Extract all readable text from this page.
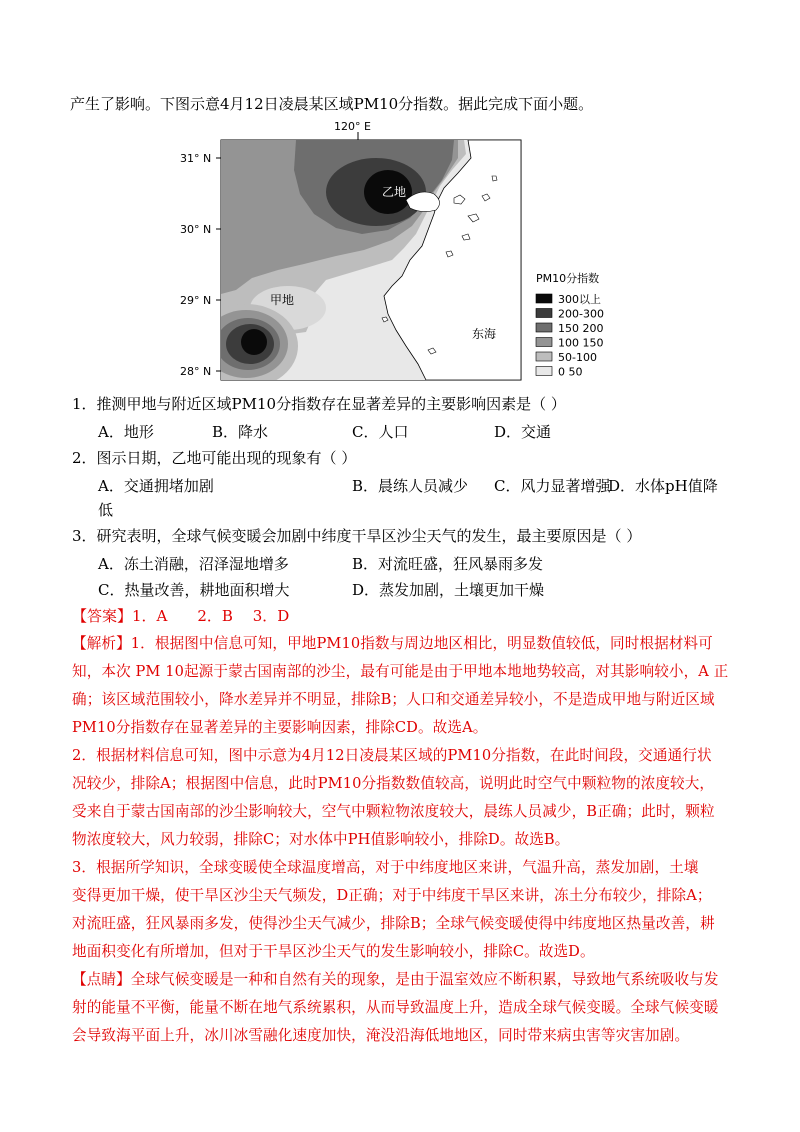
产生了影响。下图示意4月12日凌晨某区域PM10分指数。据此完成下面小题。
120° E
31° N
30° N
29° N
28° N
乙地
甲地
东海
PM10分指数
300以上
200-300
150 200
100 150
50-100
0 50
1．推测甲地与附近区域PM10分指数存在显著差异的主要影响因素是（ ）
A．地形	B．降水	C．人口	D．交通
2．图示日期，乙地可能出现的现象有（ ）
A．交通拥堵加剧	B．晨练人员减少 C．风力显著增强
D．水体pH值降
低
3．研究表明，全球气候变暖会加剧中纬度干旱区沙尘天气的发生，最主要原因是（ ）
A．冻土消融，沼泽湿地增多	B．对流旺盛，狂风暴雨多发
C．热量改善，耕地面积增大	D．蒸发加剧，土壤更加干燥
【答案】1．A　　2．B　 3．D
【解析】1．根据图中信息可知，甲地PM10指数与周边地区相比，明显数值较低，同时根据材料可
知，本次 PM 10起源于蒙古国南部的沙尘，最有可能是由于甲地本地地势较高，对其影响较小，A 正
确；该区域范围较小，降水差异并不明显，排除B；人口和交通差异较小，不是造成甲地与附近区域
PM10分指数存在显著差异的主要影响因素，排除CD。故选A。
2．根据材料信息可知，图中示意为4月12日凌晨某区域的PM10分指数，在此时间段，交通通行状
况较少，排除A；根据图中信息，此时PM10分指数数值较高，说明此时空气中颗粒物的浓度较大，
受来自于蒙古国南部的沙尘影响较大，空气中颗粒物浓度较大，晨练人员减少，B正确；此时，颗粒
物浓度较大，风力较弱，排除C；对水体中PH值影响较小，排除D。故选B。
3．根据所学知识，全球变暖使全球温度增高，对于中纬度地区来讲，气温升高，蒸发加剧，土壤
变得更加干燥，使干旱区沙尘天气频发，D正确；对于中纬度干旱区来讲，冻土分布较少，排除A；
对流旺盛，狂风暴雨多发，使得沙尘天气减少，排除B；全球气候变暖使得中纬度地区热量改善，耕
地面积变化有所增加，但对于干旱区沙尘天气的发生影响较小，排除C。故选D。
【点睛】全球气候变暖是一种和自然有关的现象，是由于温室效应不断积累，导致地气系统吸收与发
射的能量不平衡，能量不断在地气系统累积，从而导致温度上升，造成全球气候变暖。全球气候变暖
会导致海平面上升，冰川冰雪融化速度加快，淹没沿海低地地区，同时带来病虫害等灾害加剧。
